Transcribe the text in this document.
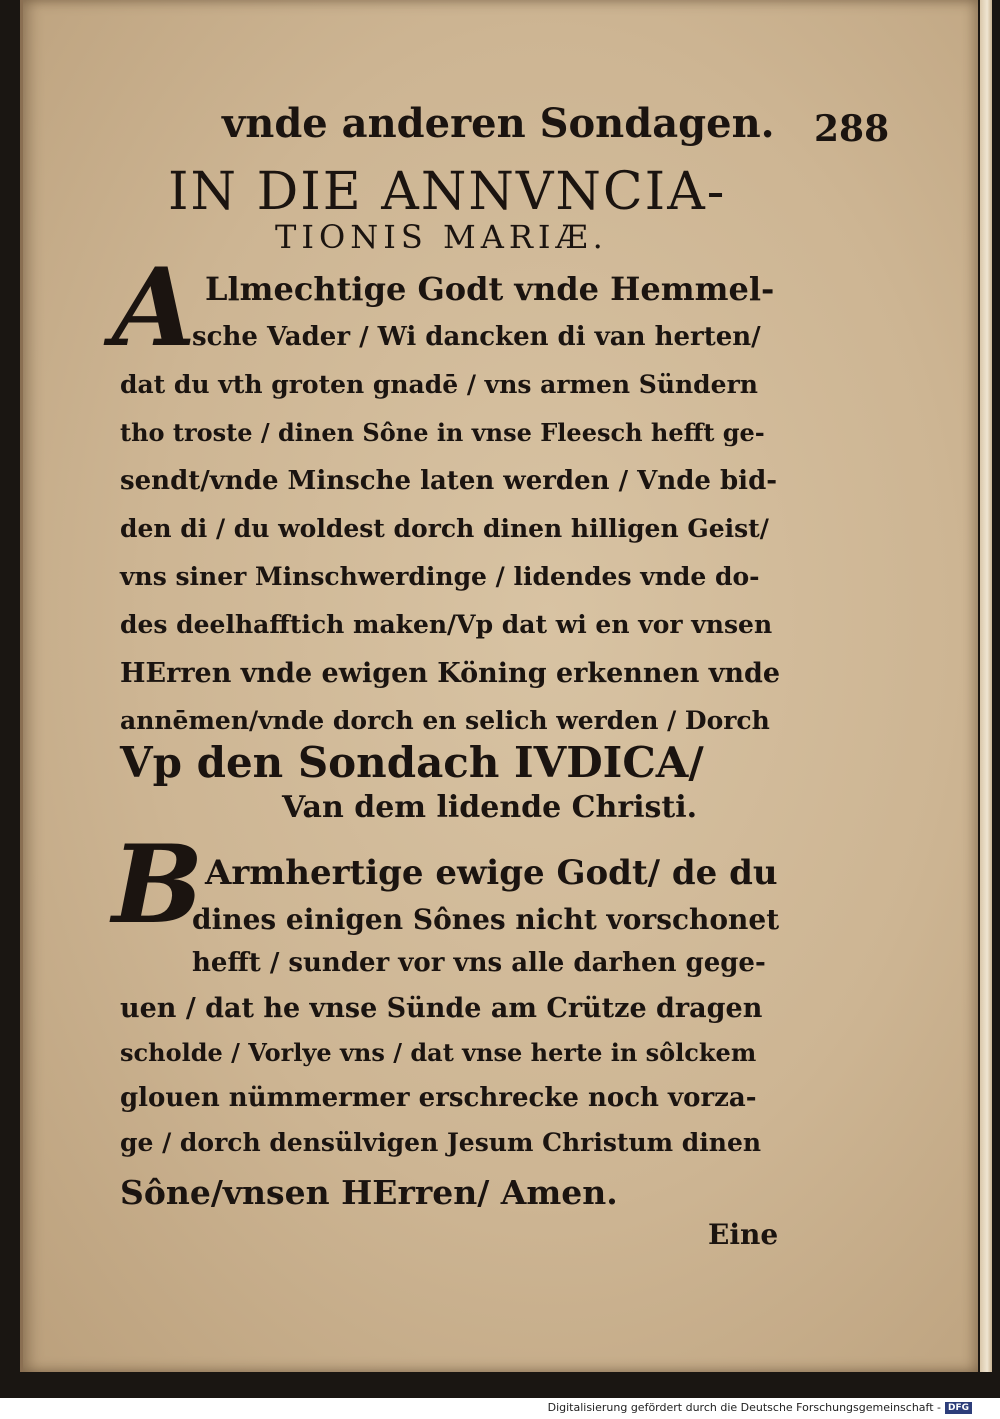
vnde anderen Sondagen. 288
IN DIE ANNVNCIA-
TIONIS MARIÆ.
A Llmechtige Godt vnde Hemmel-
sche Vader / Wi dancken di van herten/
dat du vth groten gnadē / vns armen Sündern
tho troste / dinen Sône in vnse Fleesch hefft ge-
sendt/vnde Minsche laten werden / Vnde bid-
den di / du woldest dorch dinen hilligen Geist/
vns siner Minschwerdinge / lidendes vnde do-
des deelhafftich maken/Vp dat wi en vor vnsen
HErren vnde ewigen Köning erkennen vnde
annēmen/vnde dorch en selich werden / Dorch
Vp den Sondach IVDICA/
Van dem lidende Christi.
B Armhertige ewige Godt/ de du
dines einigen Sônes nicht vorschonet
hefft / sunder vor vns alle darhen gege-
uen / dat he vnse Sünde am Crütze dragen
scholde / Vorlye vns / dat vnse herte in sôlckem
glouen nümmermer erschrecke noch vorza-
ge / dorch densülvigen Jesum Christum dinen
Sône/vnsen HErren/ Amen.
Eine
Digitalisierung gefördert durch die Deutsche Forschungsgemeinschaft - DFG
